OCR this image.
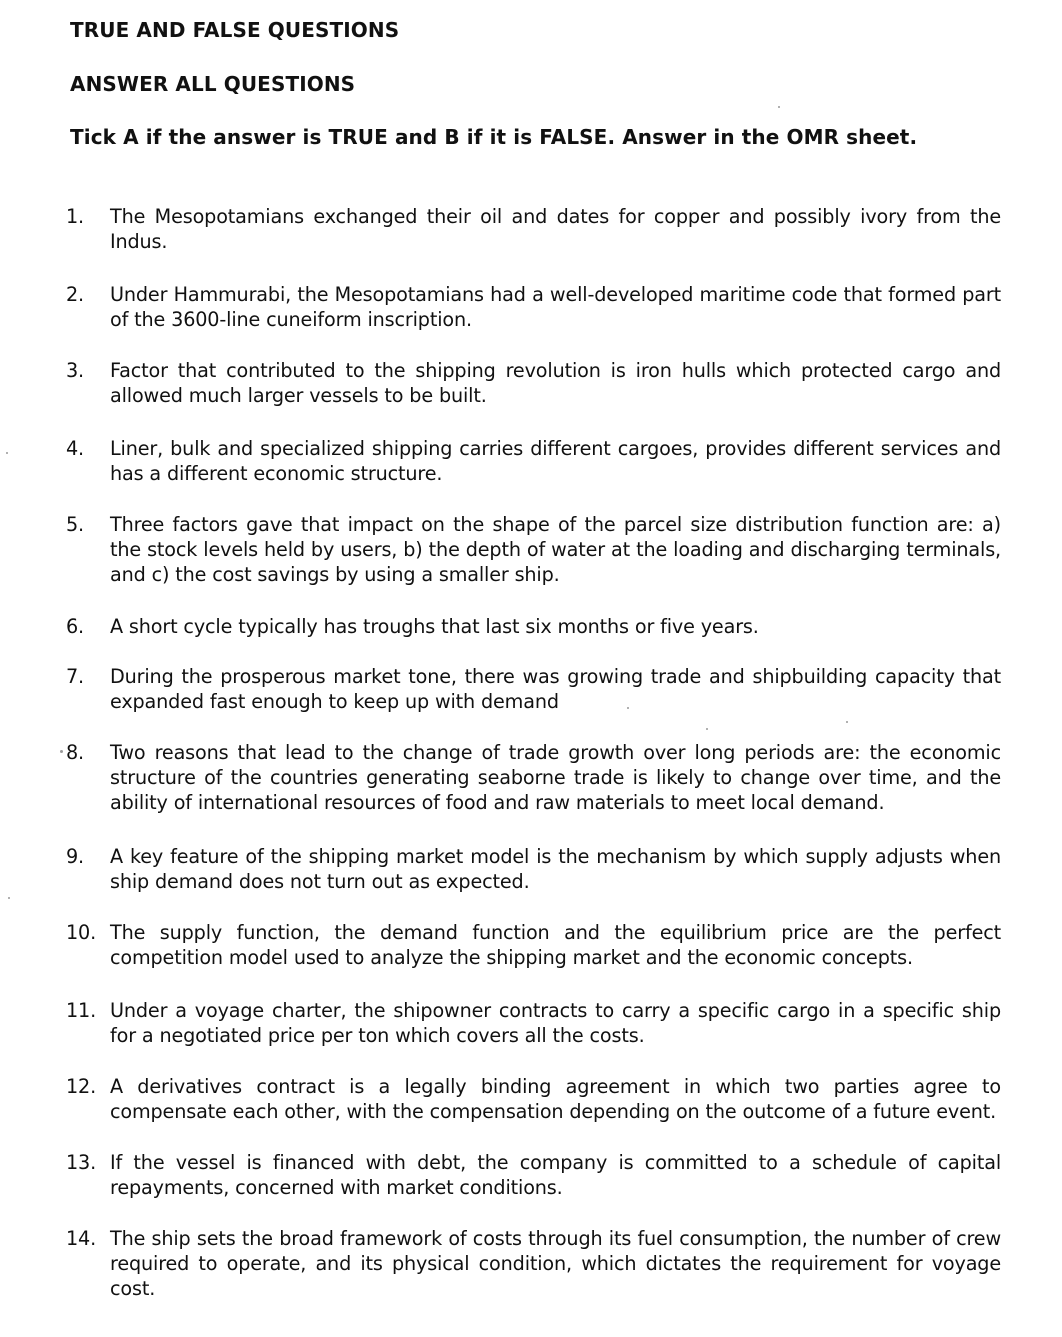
TRUE AND FALSE QUESTIONS
ANSWER ALL QUESTIONS

Tick A if the answer is TRUE and B if it is FALSE. Answer in the OMR sheet.

1.	The Mesopotamians exchanged their oil and dates for copper and possibly ivory from the Indus.
2.	Under Hammurabi, the Mesopotamians had a well-developed maritime code that formed part of the 3600-line cuneiform inscription.
3.	Factor that contributed to the shipping revolution is iron hulls which protected cargo and allowed much larger vessels to be built.
4.	Liner, bulk and specialized shipping carries different cargoes, provides different services and has a different economic structure.
5.	Three factors gave that impact on the shape of the parcel size distribution function are: a) the stock levels held by users, b) the depth of water at the loading and discharging terminals, and c) the cost savings by using a smaller ship.
6.	A short cycle typically has troughs that last six months or five years.
7.	During the prosperous market tone, there was growing trade and shipbuilding capacity that expanded fast enough to keep up with demand
8.	Two reasons that lead to the change of trade growth over long periods are: the economic structure of the countries generating seaborne trade is likely to change over time, and the ability of international resources of food and raw materials to meet local demand.
9.	A key feature of the shipping market model is the mechanism by which supply adjusts when ship demand does not turn out as expected.
10. The supply function, the demand function and the equilibrium price are the perfect competition model used to analyze the shipping market and the economic concepts.
11. Under a voyage charter, the shipowner contracts to carry a specific cargo in a specific ship for a negotiated price per ton which covers all the costs.
12. A derivatives contract is a legally binding agreement in which two parties agree to compensate each other, with the compensation depending on the outcome of a future event.
13. If the vessel is financed with debt, the company is committed to a schedule of capital repayments, concerned with market conditions.
14. The ship sets the broad framework of costs through its fuel consumption, the number of crew required to operate, and its physical condition, which dictates the requirement for voyage cost.
